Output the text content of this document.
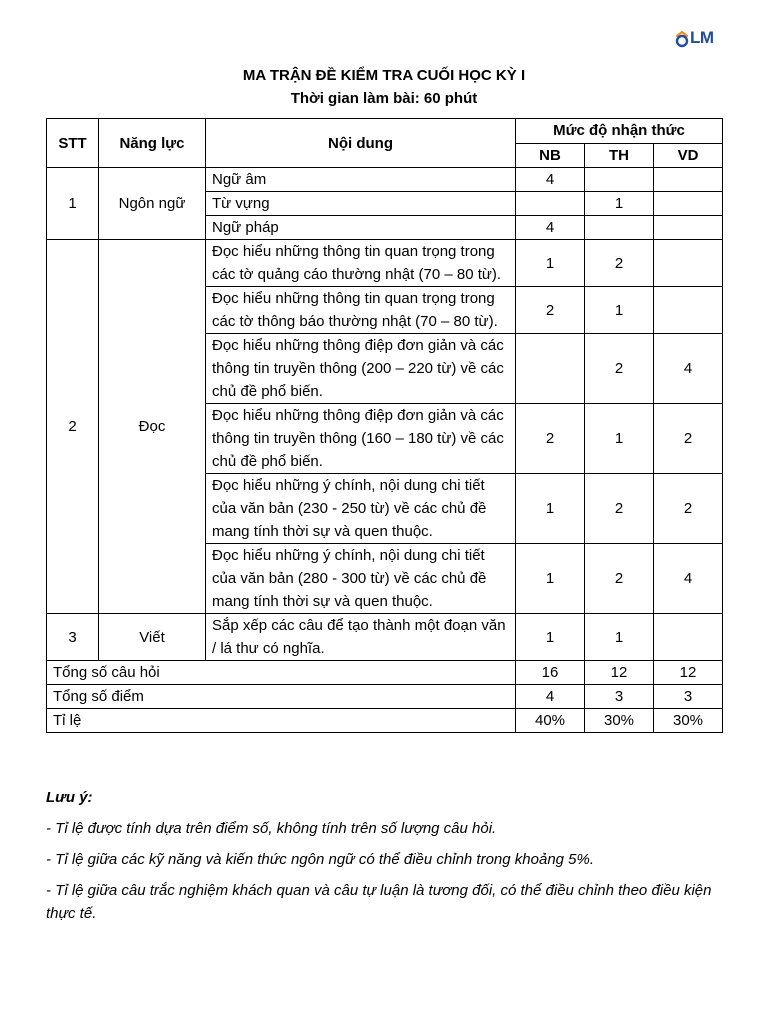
LM
MA TRẬN ĐỀ KIỂM TRA CUỐI HỌC KỲ I
Thời gian làm bài: 60 phút
STT	Năng lực	Nội dung	Mức độ nhận thức		
			NB	TH	VD
1	Ngôn ngữ	Ngữ âm	4		
		Từ vựng		1	
		Ngữ pháp	4		
2	Đọc	Đọc hiểu những thông tin quan trọng trong các tờ quảng cáo thường nhật (70 – 80 từ).	1	2	
		Đọc hiểu những thông tin quan trọng trong các tờ thông báo thường nhật (70 – 80 từ).	2	1	
		Đọc hiểu những thông điệp đơn giản và các thông tin truyền thông (200 – 220 từ) về các chủ đề phổ biến.		2	4
		Đọc hiểu những thông điệp đơn giản và các thông tin truyền thông (160 – 180 từ) về các chủ đề phổ biến.	2	1	2
		Đọc hiểu những ý chính, nội dung chi tiết của văn bản (230 - 250 từ) về các chủ đề mang tính thời sự và quen thuộc.	1	2	2
		Đọc hiểu những ý chính, nội dung chi tiết của văn bản (280 - 300 từ) về các chủ đề mang tính thời sự và quen thuộc.	1	2	4
3	Viết	Sắp xếp các câu để tạo thành một đoạn văn / lá thư có nghĩa.	1	1	
Tổng số câu hỏi			16	12	12
Tổng số điểm			4	3	3
Tỉ lệ			40%	30%	30%

Lưu ý:

- Tỉ lệ được tính dựa trên điểm số, không tính trên số lượng câu hỏi.

- Tỉ lệ giữa các kỹ năng và kiến thức ngôn ngữ có thể điều chỉnh trong khoảng 5%.

- Tỉ lệ giữa câu trắc nghiệm khách quan và câu tự luận là tương đối, có thể điều chỉnh theo điều kiện thực tế.
